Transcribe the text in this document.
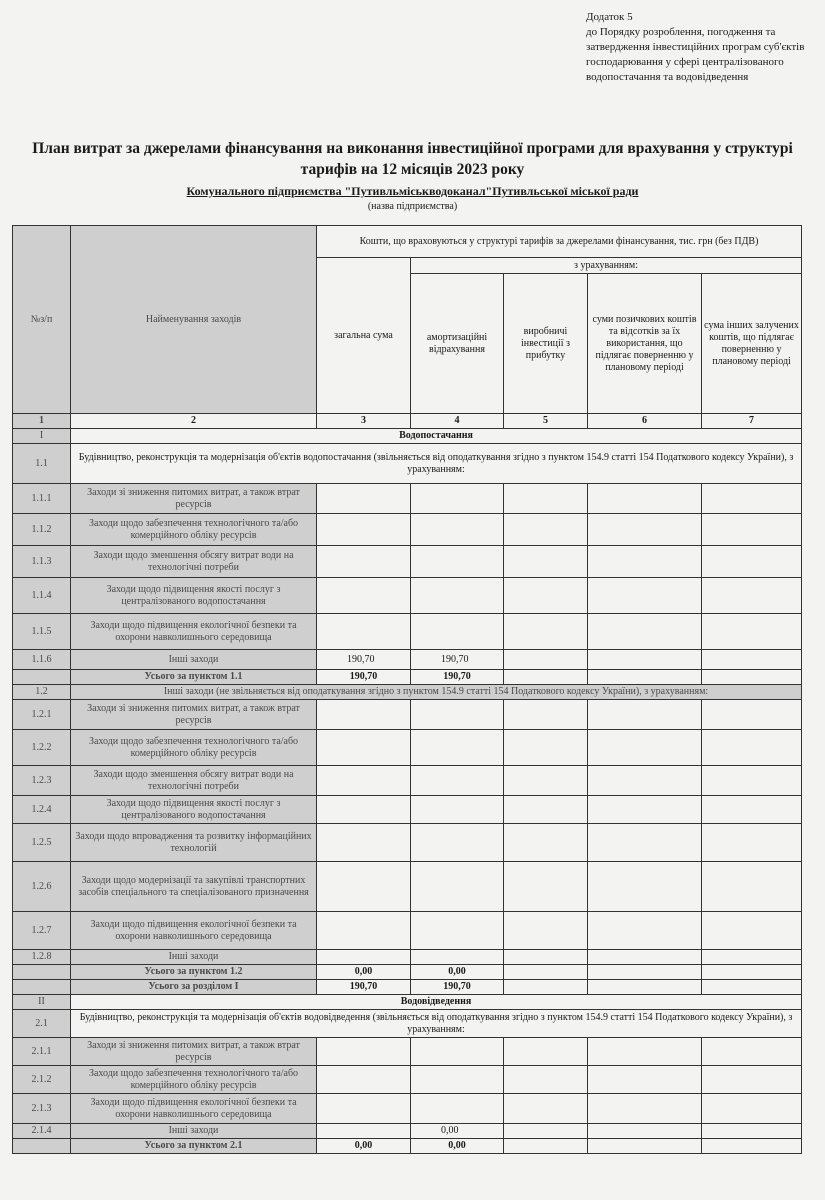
Додаток 5
до Порядку розроблення, погодження та затвердження інвестиційних програм суб'єктів господарювання у сфері централізованого водопостачання та водовідведення
План витрат за джерелами фінансування на виконання інвестиційної програми для врахування у структурі тарифів на 12 місяців 2023 року
Комунального підприємства "Путивльміськводоканал"Путивльської міської ради
(назва підприємства)
№з/п	Найменування заходів	Кошти, що враховуються у структурі тарифів за джерелами фінансування, тис. грн (без ПДВ)				
		загальна сума	з урахуванням:			
			амортизаційні відрахування	виробничі інвестиції з прибутку	суми позичкових коштів та відсотків за їх використання, що підлягає поверненню у плановому періоді	сума інших залучених коштів, що підлягає поверненню у плановому періоді
1	2	3	4	5	6	7
I	Водопостачання					
1.1	Будівництво, реконструкція та модернізація об'єктів водопостачання (звільняється від оподаткування згідно з пунктом 154.9 статті 154 Податкового кодексу України), з урахуванням:					
1.1.1	Заходи зі зниження питомих витрат, а також втрат ресурсів					
1.1.2	Заходи щодо забезпечення технологічного та/або комерційного обліку ресурсів					
1.1.3	Заходи щодо зменшення обсягу витрат води на технологічні потреби					
1.1.4	Заходи щодо підвищення якості послуг з централізованого водопостачання					
1.1.5	Заходи щодо підвищення екологічної безпеки та охорони навколишнього середовища					
1.1.6	Інші заходи	190,70	190,70			
	Усього за пунктом 1.1	190,70	190,70			
1.2	Інші заходи (не звільняється від оподаткування згідно з пунктом 154.9 статті 154 Податкового кодексу України), з урахуванням:					
1.2.1	Заходи зі зниження питомих витрат, а також втрат ресурсів					
1.2.2	Заходи щодо забезпечення технологічного та/або комерційного обліку ресурсів					
1.2.3	Заходи щодо зменшення обсягу витрат води на технологічні потреби					
1.2.4	Заходи щодо підвищення якості послуг з централізованого водопостачання					
1.2.5	Заходи щодо впровадження та розвитку інформаційних технологій					
1.2.6	Заходи щодо модернізації та закупівлі транспортних засобів спеціального та спеціалізованого призначення					
1.2.7	Заходи щодо підвищення екологічної безпеки та охорони навколишнього середовища					
1.2.8	Інші заходи					
	Усього за пунктом 1.2	0,00	0,00			
	Усього за розділом I	190,70	190,70			
II	Водовідведення					
2.1	Будівництво, реконструкція та модернізація об'єктів водовідведення (звільняється від оподаткування згідно з пунктом 154.9 статті 154 Податкового кодексу України), з урахуванням:					
2.1.1	Заходи зі зниження питомих витрат, а також втрат ресурсів					
2.1.2	Заходи щодо забезпечення технологічного та/або комерційного обліку ресурсів					
2.1.3	Заходи щодо підвищення екологічної безпеки та охорони навколишнього середовища					
2.1.4	Інші заходи		0,00			
	Усього за пунктом 2.1	0,00	0,00			
